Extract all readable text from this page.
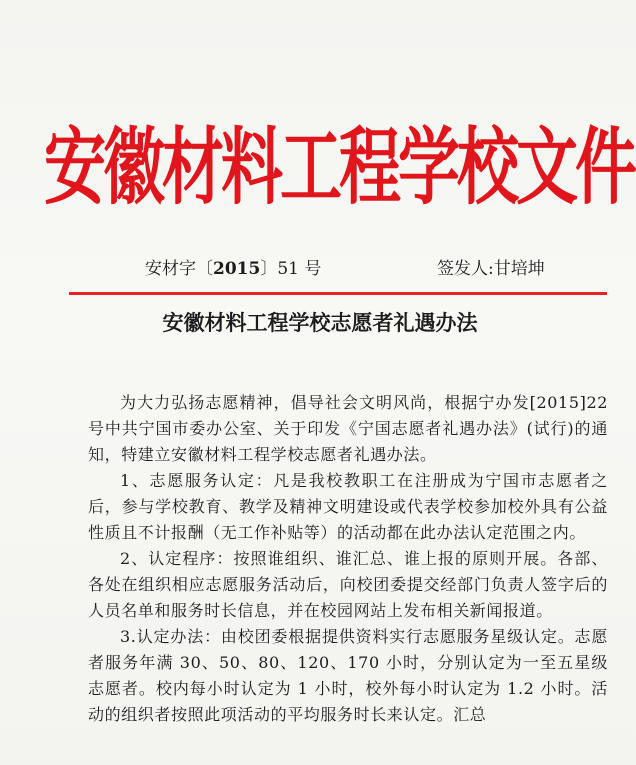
安徽材料工程学校文件
安材字〔2015〕51 号	签发人:甘培坤
安徽材料工程学校志愿者礼遇办法

为大力弘扬志愿精神，倡导社会文明风尚，根据宁办发[2015]22号中共宁国市委办公室、关于印发《宁国志愿者礼遇办法》(试行)的通知，特建立安徽材料工程学校志愿者礼遇办法。

1、志愿服务认定：凡是我校教职工在注册成为宁国市志愿者之后，参与学校教育、教学及精神文明建设或代表学校参加校外具有公益性质且不计报酬（无工作补贴等）的活动都在此办法认定范围之内。

2、认定程序：按照谁组织、谁汇总、谁上报的原则开展。各部、各处在组织相应志愿服务活动后，向校团委提交经部门负责人签字后的人员名单和服务时长信息，并在校园网站上发布相关新闻报道。

3.认定办法：由校团委根据提供资料实行志愿服务星级认定。志愿者服务年满 30、50、80、120、170 小时，分别认定为一至五星级志愿者。校内每小时认定为 1 小时，校外每小时认定为 1.2 小时。活动的组织者按照此项活动的平均服务时长来认定。汇总
